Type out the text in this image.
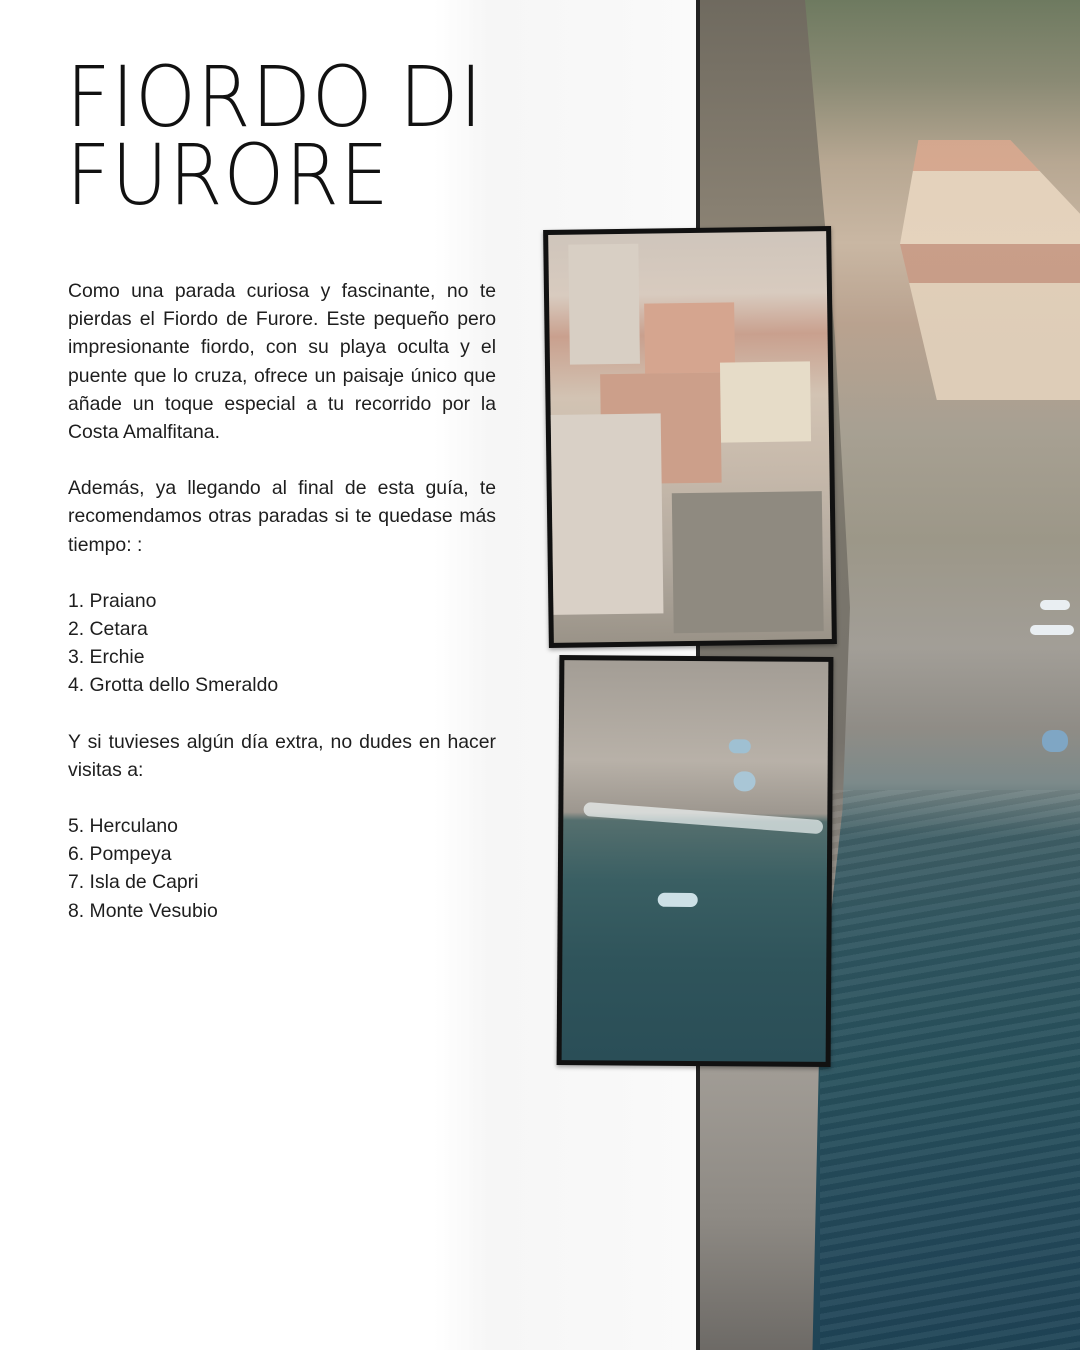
FIORDO DI
FURORE

Como una parada curiosa y fascinante, no te pierdas el Fiordo de Furore. Este pequeño pero impresionante fiordo, con su playa oculta y el puente que lo cruza, ofrece un paisaje único que añade un toque especial a tu recorrido por la Costa Amalfitana.

Además, ya llegando al final de esta guía, te recomendamos otras paradas si te quedase más tiempo: :

1. Praiano
2. Cetara
3. Erchie
4. Grotta dello Smeraldo

Y si tuvieses algún día extra, no dudes en hacer visitas a:

5. Herculano
6. Pompeya
7. Isla de Capri
8. Monte Vesubio
